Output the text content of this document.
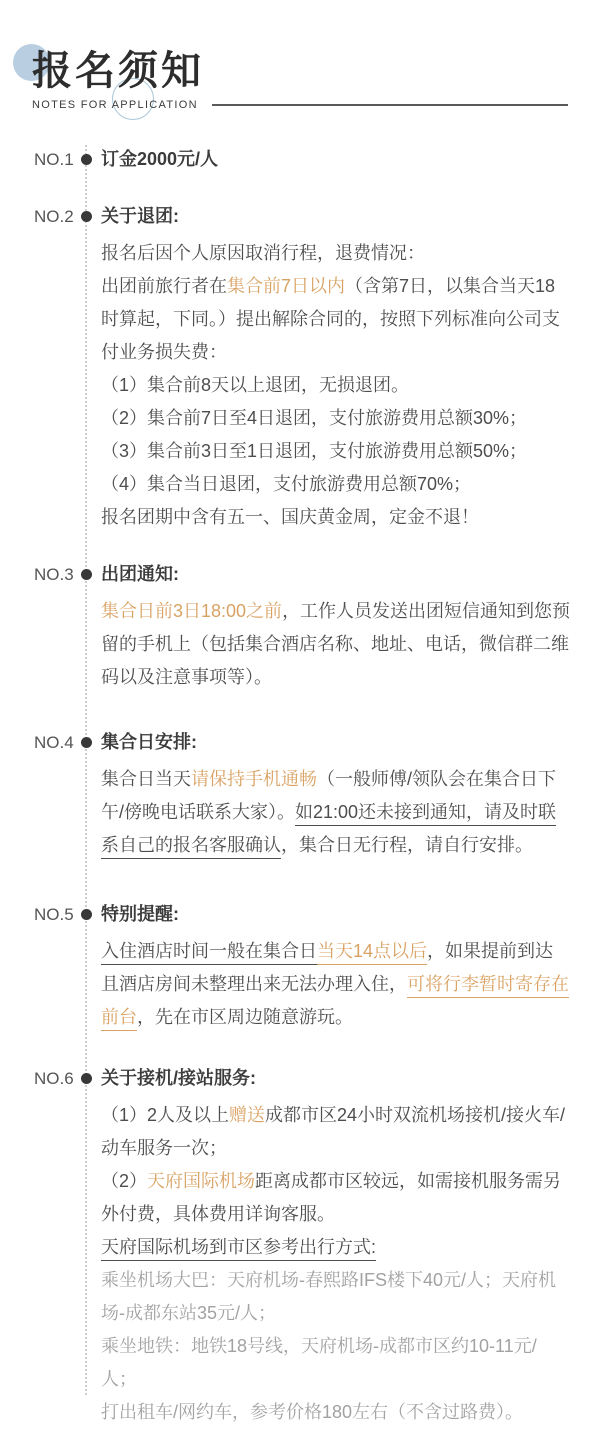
报名须知
NOTES FOR APPLICATION
NO.1	订金2000元/人
NO.2	关于退团:

报名后因个人原因取消行程，退费情况：

出团前旅行者在集合前7日以内（含第7日，以集合当天18时算起，下同。）提出解除合同的，按照下列标准向公司支付业务损失费：

（1）集合前8天以上退团，无损退团。
（2）集合前7日至4日退团，支付旅游费用总额30%；
（3）集合前3日至1日退团，支付旅游费用总额50%；
（4）集合当日退团，支付旅游费用总额70%；

报名团期中含有五一、国庆黄金周，定金不退！

NO.3	出团通知:

集合日前3日18:00之前，工作人员发送出团短信通知到您预留的手机上（包括集合酒店名称、地址、电话，微信群二维码以及注意事项等）。

NO.4	集合日安排:

集合日当天请保持手机通畅（一般师傅/领队会在集合日下午/傍晚电话联系大家）。如21:00还未接到通知，请及时联系自己的报名客服确认，集合日无行程，请自行安排。

NO.5	特别提醒:

入住酒店时间一般在集合日当天14点以后，如果提前到达且酒店房间未整理出来无法办理入住，可将行李暂时寄存在前台，先在市区周边随意游玩。

NO.6	关于接机/接站服务:

（1）2人及以上赠送成都市区24小时双流机场接机/接火车/动车服务一次；

（2）天府国际机场距离成都市区较远，如需接机服务需另外付费，具体费用详询客服。

天府国际机场到市区参考出行方式:

乘坐机场大巴：天府机场-春熙路IFS楼下40元/人；天府机场-成都东站35元/人；
乘坐地铁：地铁18号线，天府机场-成都市区约10-11元/人；
打出租车/网约车，参考价格180左右（不含过路费）。
